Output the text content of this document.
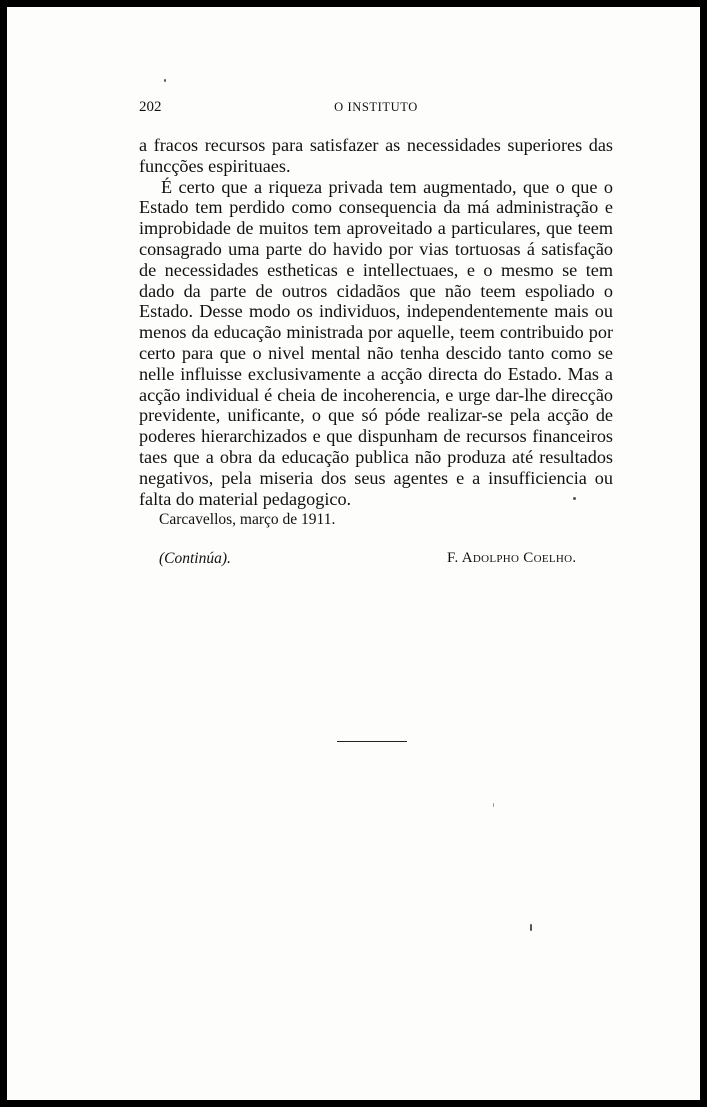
202	O INSTITUTO

a fracos recursos para satisfazer as necessidades superiores das funcções espirituaes.

É certo que a riqueza privada tem augmentado, que o que o Estado tem perdido como consequencia da má administração e improbidade de muitos tem aproveitado a particulares, que teem consagrado uma parte do havido por vias tortuosas á satisfação de necessidades estheticas e intellectuaes, e o mesmo se tem dado da parte de outros cidadãos que não teem espoliado o Estado. Desse modo os individuos, independentemente mais ou menos da educação ministrada por aquelle, teem contribuido por certo para que o nivel mental não tenha descido tanto como se nelle influisse exclusivamente a acção directa do Estado. Mas a acção individual é cheia de incoherencia, e urge dar-lhe direcção previdente, unificante, o que só póde realizar-se pela acção de poderes hierarchizados e que dispunham de recursos financeiros taes que a obra da educação publica não produza até resultados negativos, pela miseria dos seus agentes e a insufficiencia ou falta do material pedagogico.

Carcavellos, março de 1911.
(Continúa).	F. Adolpho Coelho.
